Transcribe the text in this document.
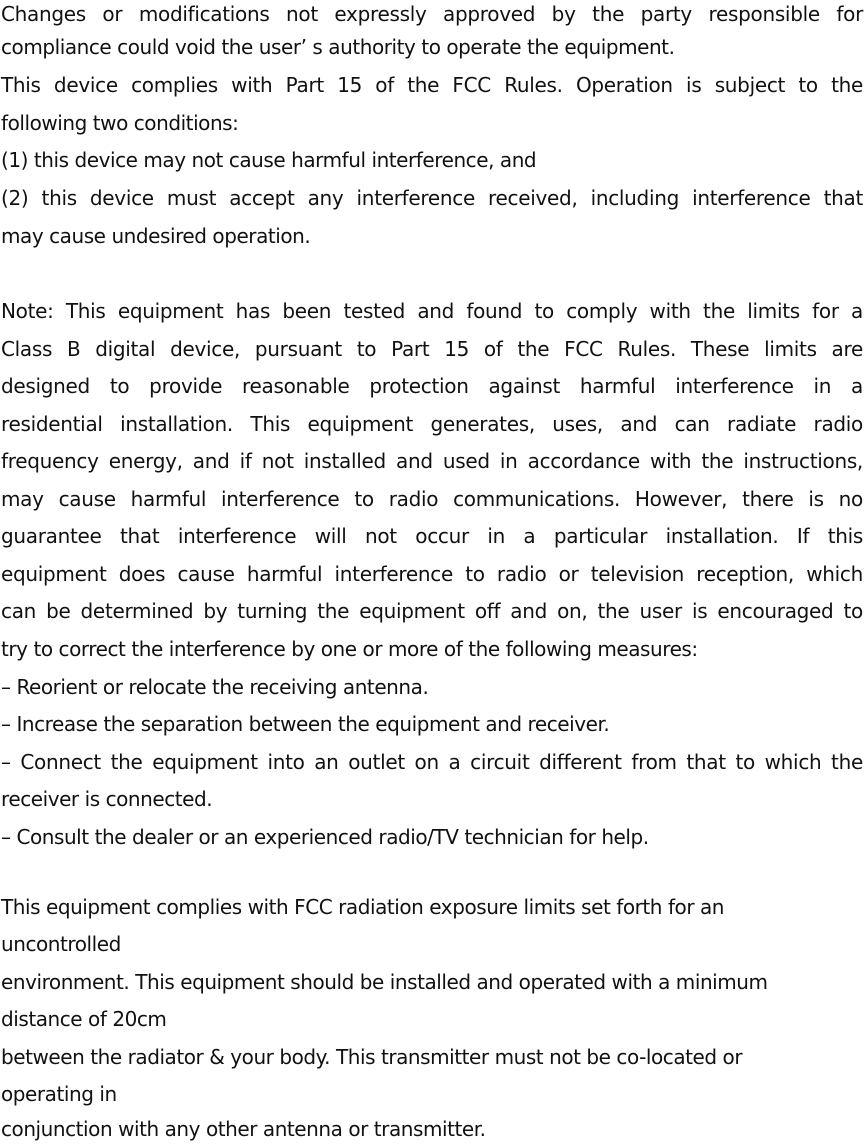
Changes or modifications not expressly approved by the party responsible for
compliance could void the user’ s authority to operate the equipment.
This device complies with Part 15 of the FCC Rules. Operation is subject to the
following two conditions:
(1) this device may not cause harmful interference, and
(2) this device must accept any interference received, including interference that
may cause undesired operation.
Note: This equipment has been tested and found to comply with the limits for a
Class B digital device, pursuant to Part 15 of the FCC Rules. These limits are
designed to provide reasonable protection against harmful interference in a
residential installation. This equipment generates, uses, and can radiate radio
frequency energy, and if not installed and used in accordance with the instructions,
may cause harmful interference to radio communications. However, there is no
guarantee that interference will not occur in a particular installation. If this
equipment does cause harmful interference to radio or television reception, which
can be determined by turning the equipment off and on, the user is encouraged to
try to correct the interference by one or more of the following measures:
– Reorient or relocate the receiving antenna.
– Increase the separation between the equipment and receiver.
– Connect the equipment into an outlet on a circuit different from that to which the
receiver is connected.
– Consult the dealer or an experienced radio/TV technician for help.
This equipment complies with FCC radiation exposure limits set forth for an
uncontrolled
environment. This equipment should be installed and operated with a minimum
distance of 20cm
between the radiator & your body. This transmitter must not be co-located or
operating in
conjunction with any other antenna or transmitter.
